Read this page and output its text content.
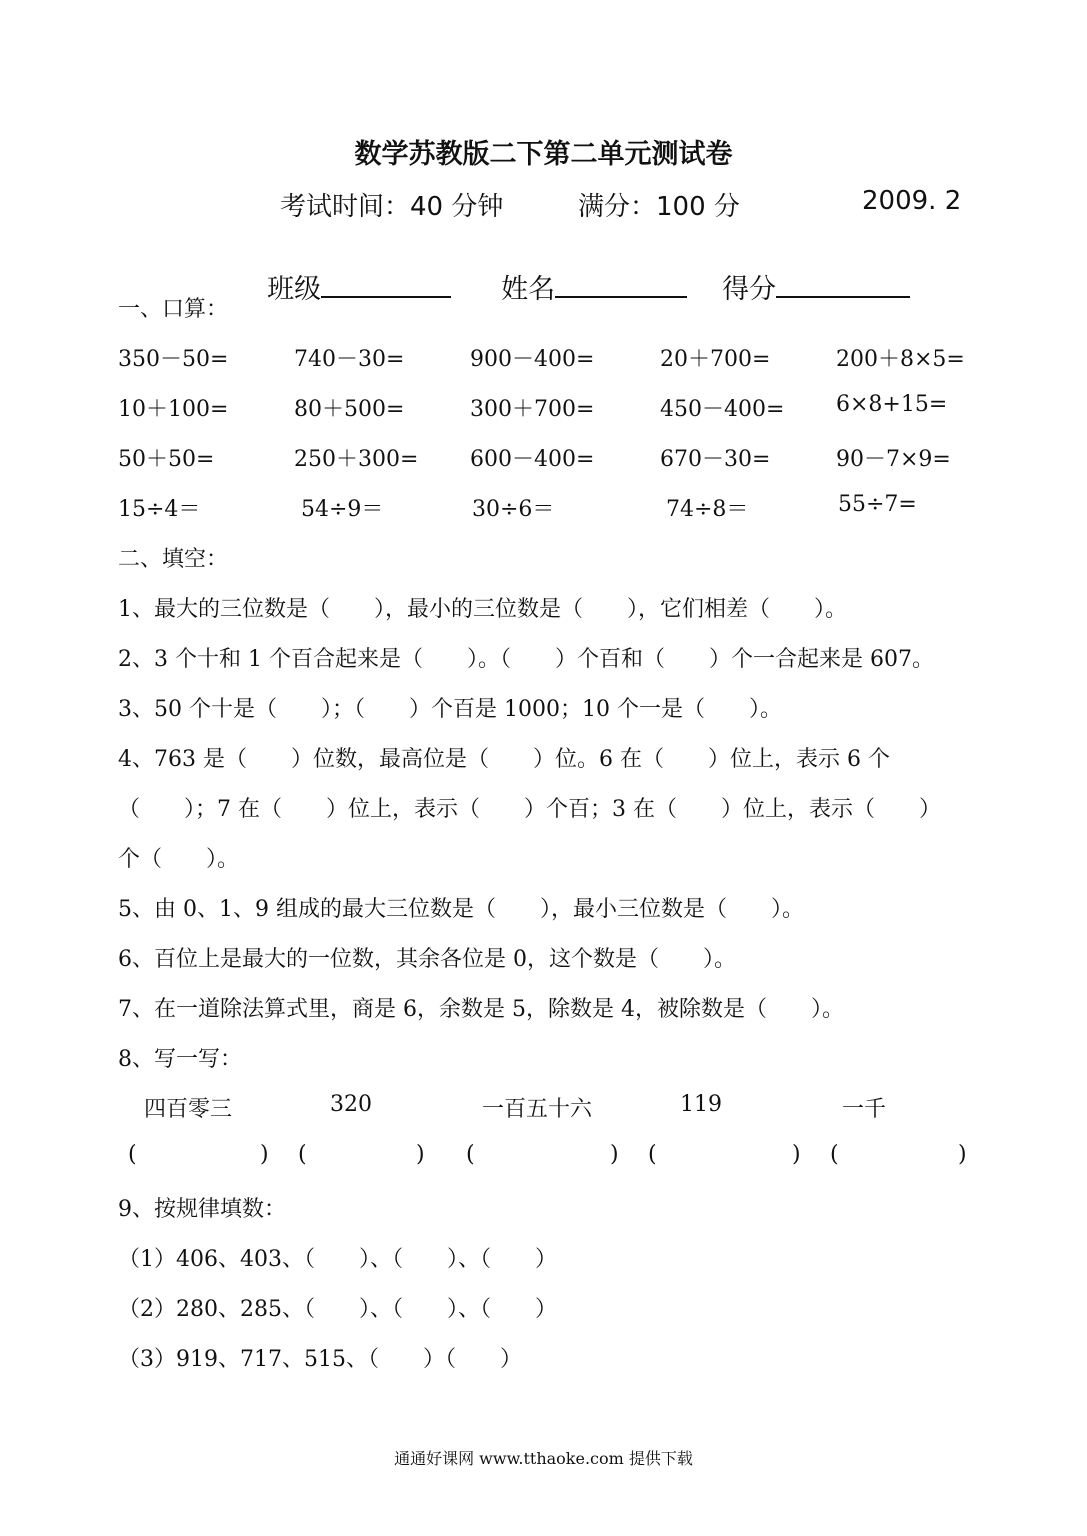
数学苏教版二下第二单元测试卷
考试时间：40 分钟	满分：100 分	2009. 2

班级	姓名	得分

一、口算：
350－50=	740－30=	900－400=	20＋700=	200＋8×5=
10＋100=	80＋500=	300＋700=	450－400= 6×8+15=
50＋50=	250＋300= 600－400=	670－30=	90－7×9=
15÷4＝	54÷9＝	30÷6＝	74÷8＝	55÷7=
二、填空：
1、最大的三位数是（　　），最小的三位数是（　　），它们相差（　　）。
2、3 个十和 1 个百合起来是（　　）。（　　）个百和（　　）个一合起来是 607。
3、50 个十是（　　）；（　　）个百是 1000；10 个一是（　　）。
4、763 是（　　）位数，最高位是（　　）位。6 在（　　）位上，表示 6 个
（　　）；7 在（　　）位上，表示（　　）个百；3 在（　　）位上，表示（　　）
个（　　）。
5、由 0、1、9 组成的最大三位数是（　　），最小三位数是（　　）。
6、百位上是最大的一位数，其余各位是 0，这个数是（　　）。
7、在一道除法算式里，商是 6，余数是 5，除数是 4，被除数是（　　）。
8、写一写：
四百零三	320	一百五十六	119	一千
(	) (	) (	) (	) (	)
9、按规律填数：
（1）406、403、（　　）、（　　）、（　　）
（2）280、285、（　　）、（　　）、（　　）
（3）919、717、515、（　　）（　　）
通通好课网 www.tthaoke.com 提供下载
